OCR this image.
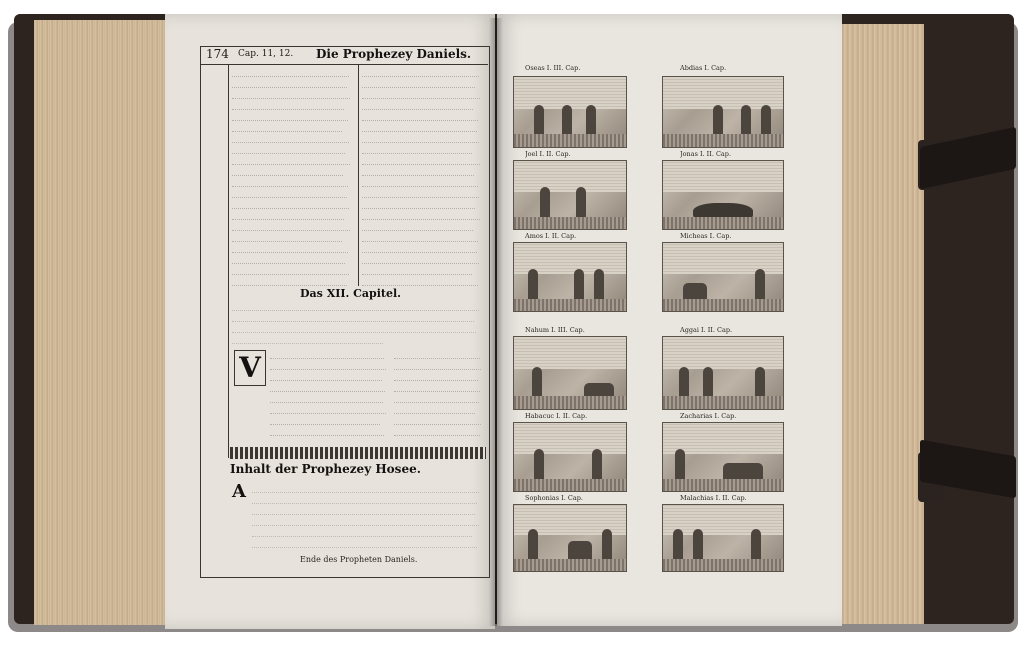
174 Cap. 11, 12. Die Prophezey Daniels.
Das XII. Capitel.
V
Inhalt der Prophezey Hosee.
A
Ende des Propheten Daniels.
Oseas I. III. Cap.	Abdias I. Cap.
Joel I. II. Cap.	Jonas I. II. Cap.
Amos I. II. Cap.	Micheas I. Cap.
Nahum I. III. Cap.	Aggai I. II. Cap.
Habacuc I. II. Cap.	Zacharias I. Cap.
Sophonias I. Cap.	Malachias I. II. Cap.
